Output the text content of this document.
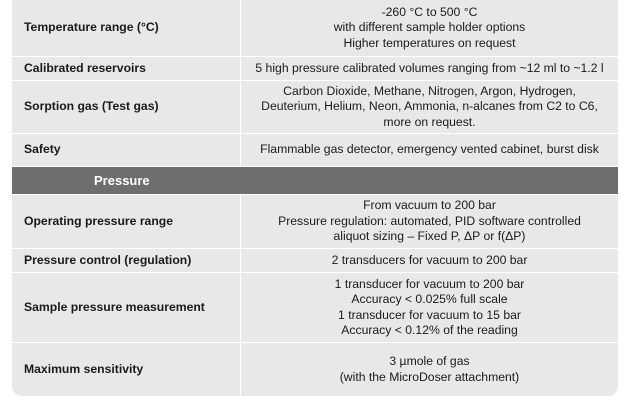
Temperature range (°C)	-260 °C to 500 °C
with different sample holder options
Higher temperatures on request

Calibrated reservoirs	5 high pressure calibrated volumes ranging from ~12 ml to ~1.2 l

Sorption gas (Test gas)	Carbon Dioxide, Methane, Nitrogen, Argon, Hydrogen,
Deuterium, Helium, Neon, Ammonia, n-alcanes from C2 to C6,
more on request.

Safety	Flammable gas detector, emergency vented cabinet, burst disk

Pressure	
Operating pressure range	From vacuum to 200 bar
Pressure regulation: automated, PID software controlled
aliquot sizing – Fixed P, ΔP or f(ΔP)

Pressure control (regulation)	2 transducers for vacuum to 200 bar

Sample pressure measurement	1 transducer for vacuum to 200 bar
Accuracy < 0.025% full scale
1 transducer for vacuum to 15 bar
Accuracy < 0.12% of the reading

Maximum sensitivity	3 µmole of gas
(with the MicroDoser attachment)
